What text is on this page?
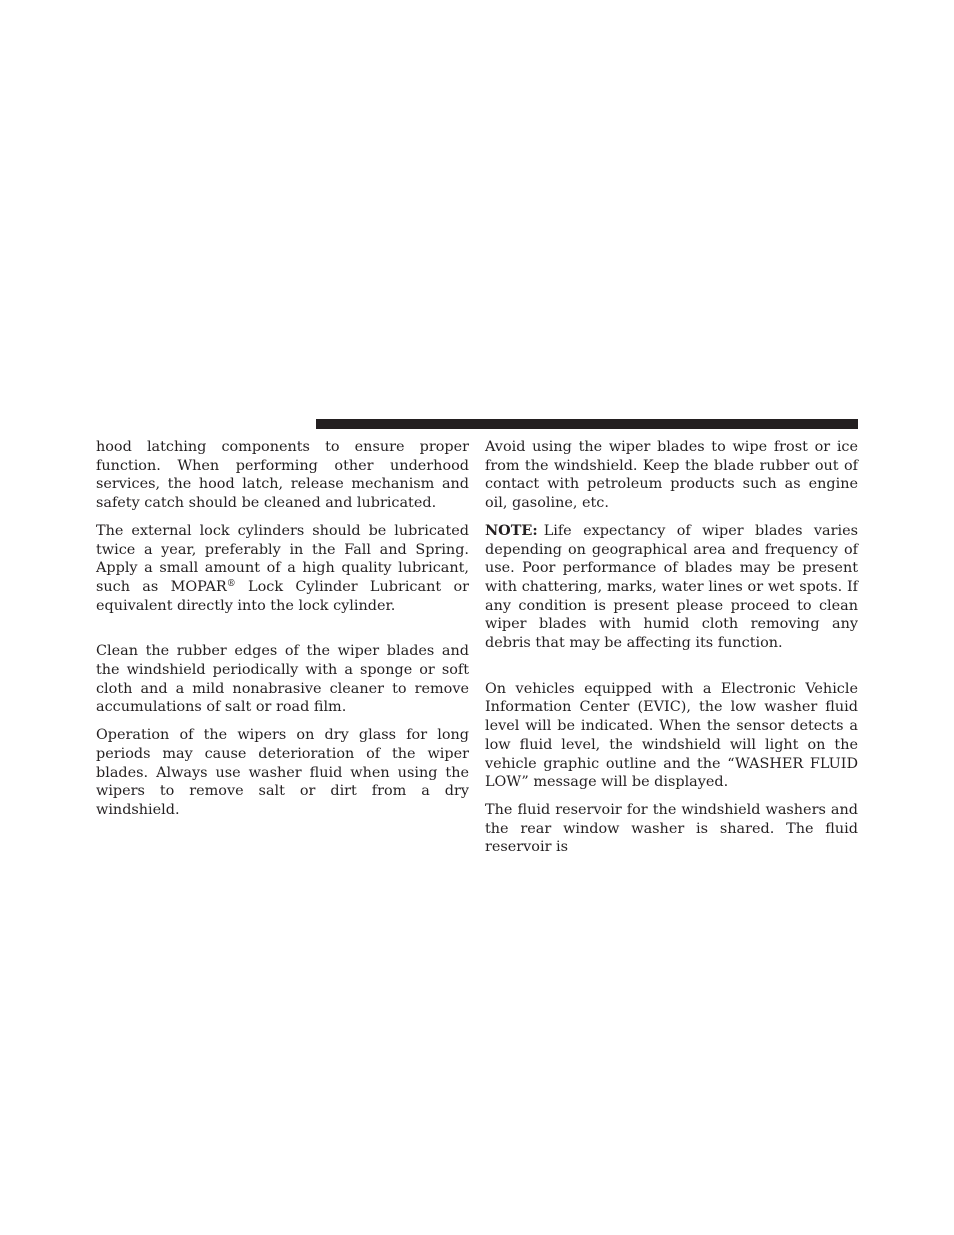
hood latching components to ensure proper function. When performing other underhood services, the hood latch, release mechanism and safety catch should be cleaned and lubricated.

The external lock cylinders should be lubricated twice a year, preferably in the Fall and Spring. Apply a small amount of a high quality lubricant, such as MOPAR® Lock Cylinder Lubricant or equivalent directly into the lock cylinder.

Clean the rubber edges of the wiper blades and the windshield periodically with a sponge or soft cloth and a mild nonabrasive cleaner to remove accumulations of salt or road film.

Operation of the wipers on dry glass for long periods may cause deterioration of the wiper blades. Always use washer fluid when using the wipers to remove salt or dirt from a dry windshield.

Avoid using the wiper blades to wipe frost or ice from the windshield. Keep the blade rubber out of contact with petroleum products such as engine oil, gasoline, etc.

NOTE: Life expectancy of wiper blades varies depending on geographical area and frequency of use. Poor performance of blades may be present with chattering, marks, water lines or wet spots. If any condition is present please proceed to clean wiper blades with humid cloth removing any debris that may be affecting its function.

On vehicles equipped with a Electronic Vehicle Information Center (EVIC), the low washer fluid level will be indicated. When the sensor detects a low fluid level, the windshield will light on the vehicle graphic outline and the “WASHER FLUID LOW” message will be displayed.

The fluid reservoir for the windshield washers and the rear window washer is shared. The fluid reservoir is
